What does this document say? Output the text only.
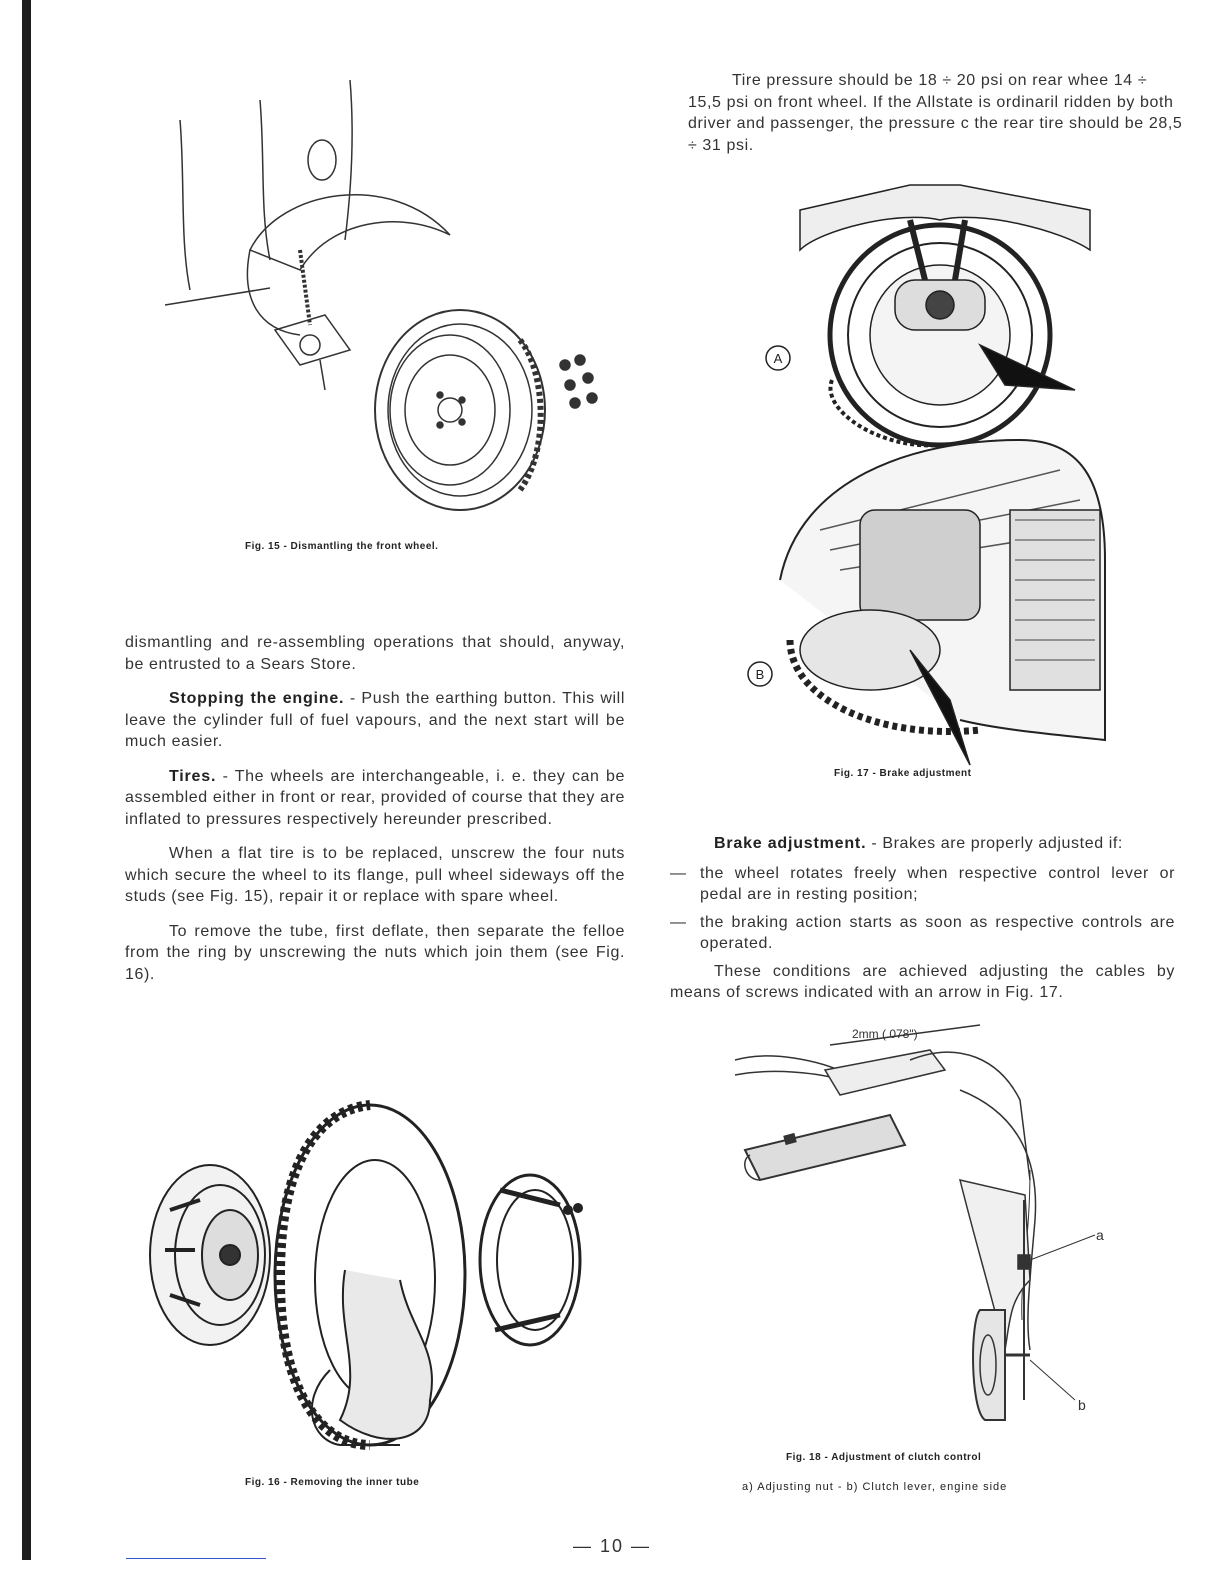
Fig. 15 - Dismantling the front wheel.

dismantling and re-assembling operations that should, anyway, be entrusted to a Sears Store.

Stopping the engine. - Push the earthing button. This will leave the cylinder full of fuel vapours, and the next start will be much easier.

Tires. - The wheels are interchangeable, i. e. they can be assembled either in front or rear, provided of course that they are inflated to pressures respectively hereunder prescribed.

When a flat tire is to be replaced, unscrew the four nuts which secure the wheel to its flange, pull wheel sideways off the studs (see Fig. 15), repair it or replace with spare wheel.

To remove the tube, first deflate, then separate the felloe from the ring by unscrewing the nuts which join them (see Fig. 16).

Fig. 16 - Removing the inner tube

Tire pressure should be 18 ÷ 20 psi on rear whee 14 ÷ 15,5 psi on front wheel. If the Allstate is ordinaril ridden by both driver and passenger, the pressure c the rear tire should be 28,5 ÷ 31 psi.

A
B
Fig. 17 - Brake adjustment

Brake adjustment. - Brakes are properly adjusted if:

— the wheel rotates freely when respective control lever or pedal are in resting position;
— the braking action starts as soon as respective controls are operated.

These conditions are achieved adjusting the cables by means of screws indicated with an arrow in Fig. 17.

2mm (.078")
a
b
Fig. 18 - Adjustment of clutch control
a) Adjusting nut - b) Clutch lever, engine side
— 10 —
